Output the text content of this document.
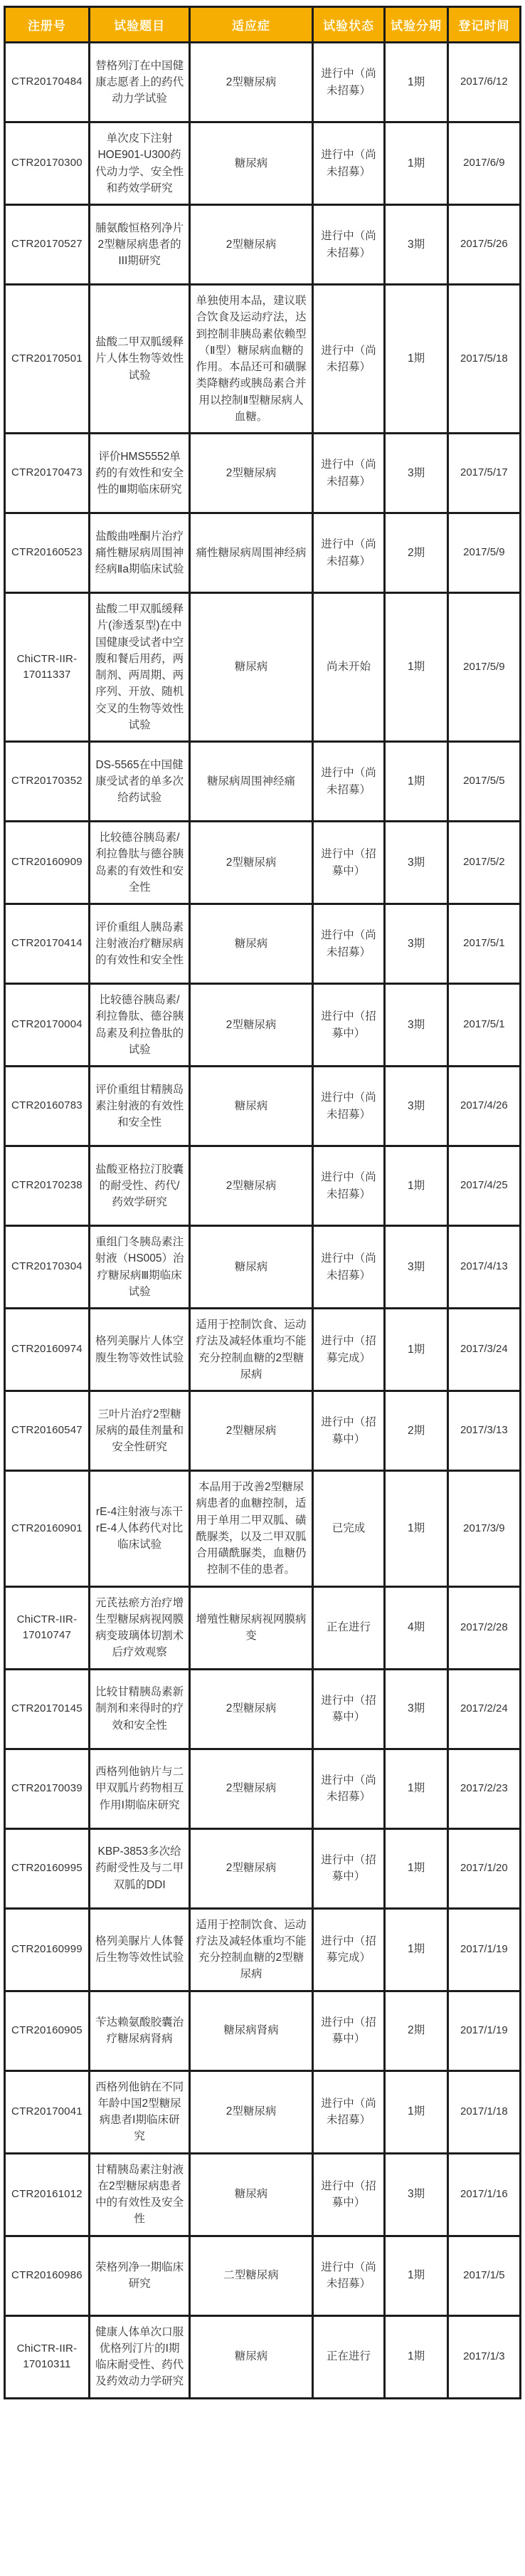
注册号	试验题目	适应症	试验状态	试验分期	登记时间
CTR20170484	替格列汀在中国健康志愿者上的药代动力学试验	2型糖尿病	进行中（尚未招募）	1期	2017/6/12
CTR20170300	单次皮下注射HOE901-U300药代动力学、安全性和药效学研究	糖尿病	进行中（尚未招募）	1期	2017/6/9
CTR20170527	脯氨酸恒格列净片2型糖尿病患者的III期研究	2型糖尿病	进行中（尚未招募）	3期	2017/5/26
CTR20170501	盐酸二甲双胍缓释片人体生物等效性试验	单独使用本品，建议联合饮食及运动疗法，达到控制非胰岛素依赖型（Ⅱ型）糖尿病血糖的作用。本品还可和磺脲类降糖药或胰岛素合并用以控制Ⅱ型糖尿病人血糖。	进行中（尚未招募）	1期	2017/5/18
CTR20170473	评价HMS5552单药的有效性和安全性的Ⅲ期临床研究	2型糖尿病	进行中（尚未招募）	3期	2017/5/17
CTR20160523	盐酸曲唑酮片治疗痛性糖尿病周围神经病Ⅱa期临床试验	痛性糖尿病周围神经病	进行中（尚未招募）	2期	2017/5/9
ChiCTR-IIR-17011337	盐酸二甲双胍缓释片(渗透泵型)在中国健康受试者中空腹和餐后用药，两制剂、两周期、两序列、开放、随机交叉的生物等效性试验	糖尿病	尚未开始	1期	2017/5/9
CTR20170352	DS-5565在中国健康受试者的单多次给药试验	糖尿病周围神经痛	进行中（尚未招募）	1期	2017/5/5
CTR20160909	比较德谷胰岛素/利拉鲁肽与德谷胰岛素的有效性和安全性	2型糖尿病	进行中（招募中）	3期	2017/5/2
CTR20170414	评价重组人胰岛素注射液治疗糖尿病的有效性和安全性	糖尿病	进行中（尚未招募）	3期	2017/5/1
CTR20170004	比较德谷胰岛素/利拉鲁肽、德谷胰岛素及利拉鲁肽的试验	2型糖尿病	进行中（招募中）	3期	2017/5/1
CTR20160783	评价重组甘精胰岛素注射液的有效性和安全性	糖尿病	进行中（尚未招募）	3期	2017/4/26
CTR20170238	盐酸亚格拉汀胶囊的耐受性、药代/药效学研究	2型糖尿病	进行中（尚未招募）	1期	2017/4/25
CTR20170304	重组门冬胰岛素注射液（HS005）治疗糖尿病Ⅲ期临床试验	糖尿病	进行中（尚未招募）	3期	2017/4/13
CTR20160974	格列美脲片人体空腹生物等效性试验	适用于控制饮食、运动疗法及减轻体重均不能充分控制血糖的2型糖尿病	进行中（招募完成）	1期	2017/3/24
CTR20160547	三叶片治疗2型糖尿病的最佳剂量和安全性研究	2型糖尿病	进行中（招募中）	2期	2017/3/13
CTR20160901	rE-4注射液与冻干rE-4人体药代对比临床试验	本品用于改善2型糖尿病患者的血糖控制，适用于单用二甲双胍、磺酰脲类，以及二甲双胍合用磺酰脲类，血糖仍控制不佳的患者。	已完成	1期	2017/3/9
ChiCTR-IIR-17010747	元芪祛瘀方治疗增生型糖尿病视网膜病变玻璃体切割术后疗效观察	增殖性糖尿病视网膜病变	正在进行	4期	2017/2/28
CTR20170145	比较甘精胰岛素新制剂和来得时的疗效和安全性	2型糖尿病	进行中（招募中）	3期	2017/2/24
CTR20170039	西格列他钠片与二甲双胍片药物相互作用I期临床研究	2型糖尿病	进行中（尚未招募）	1期	2017/2/23
CTR20160995	KBP-3853多次给药耐受性及与二甲双胍的DDI	2型糖尿病	进行中（招募中）	1期	2017/1/20
CTR20160999	格列美脲片人体餐后生物等效性试验	适用于控制饮食、运动疗法及减轻体重均不能充分控制血糖的2型糖尿病	进行中（招募完成）	1期	2017/1/19
CTR20160905	苄达赖氨酸胶囊治疗糖尿病肾病	糖尿病肾病	进行中（招募中）	2期	2017/1/19
CTR20170041	西格列他钠在不同年龄中国2型糖尿病患者I期临床研究	2型糖尿病	进行中（尚未招募）	1期	2017/1/18
CTR20161012	甘精胰岛素注射液在2型糖尿病患者中的有效性及安全性	糖尿病	进行中（招募中）	3期	2017/1/16
CTR20160986	荣格列净一期临床研究	二型糖尿病	进行中（尚未招募）	1期	2017/1/5
ChiCTR-IIR-17010311	健康人体单次口服优格列汀片的I期临床耐受性、药代及药效动力学研究	糖尿病	正在进行	1期	2017/1/3
